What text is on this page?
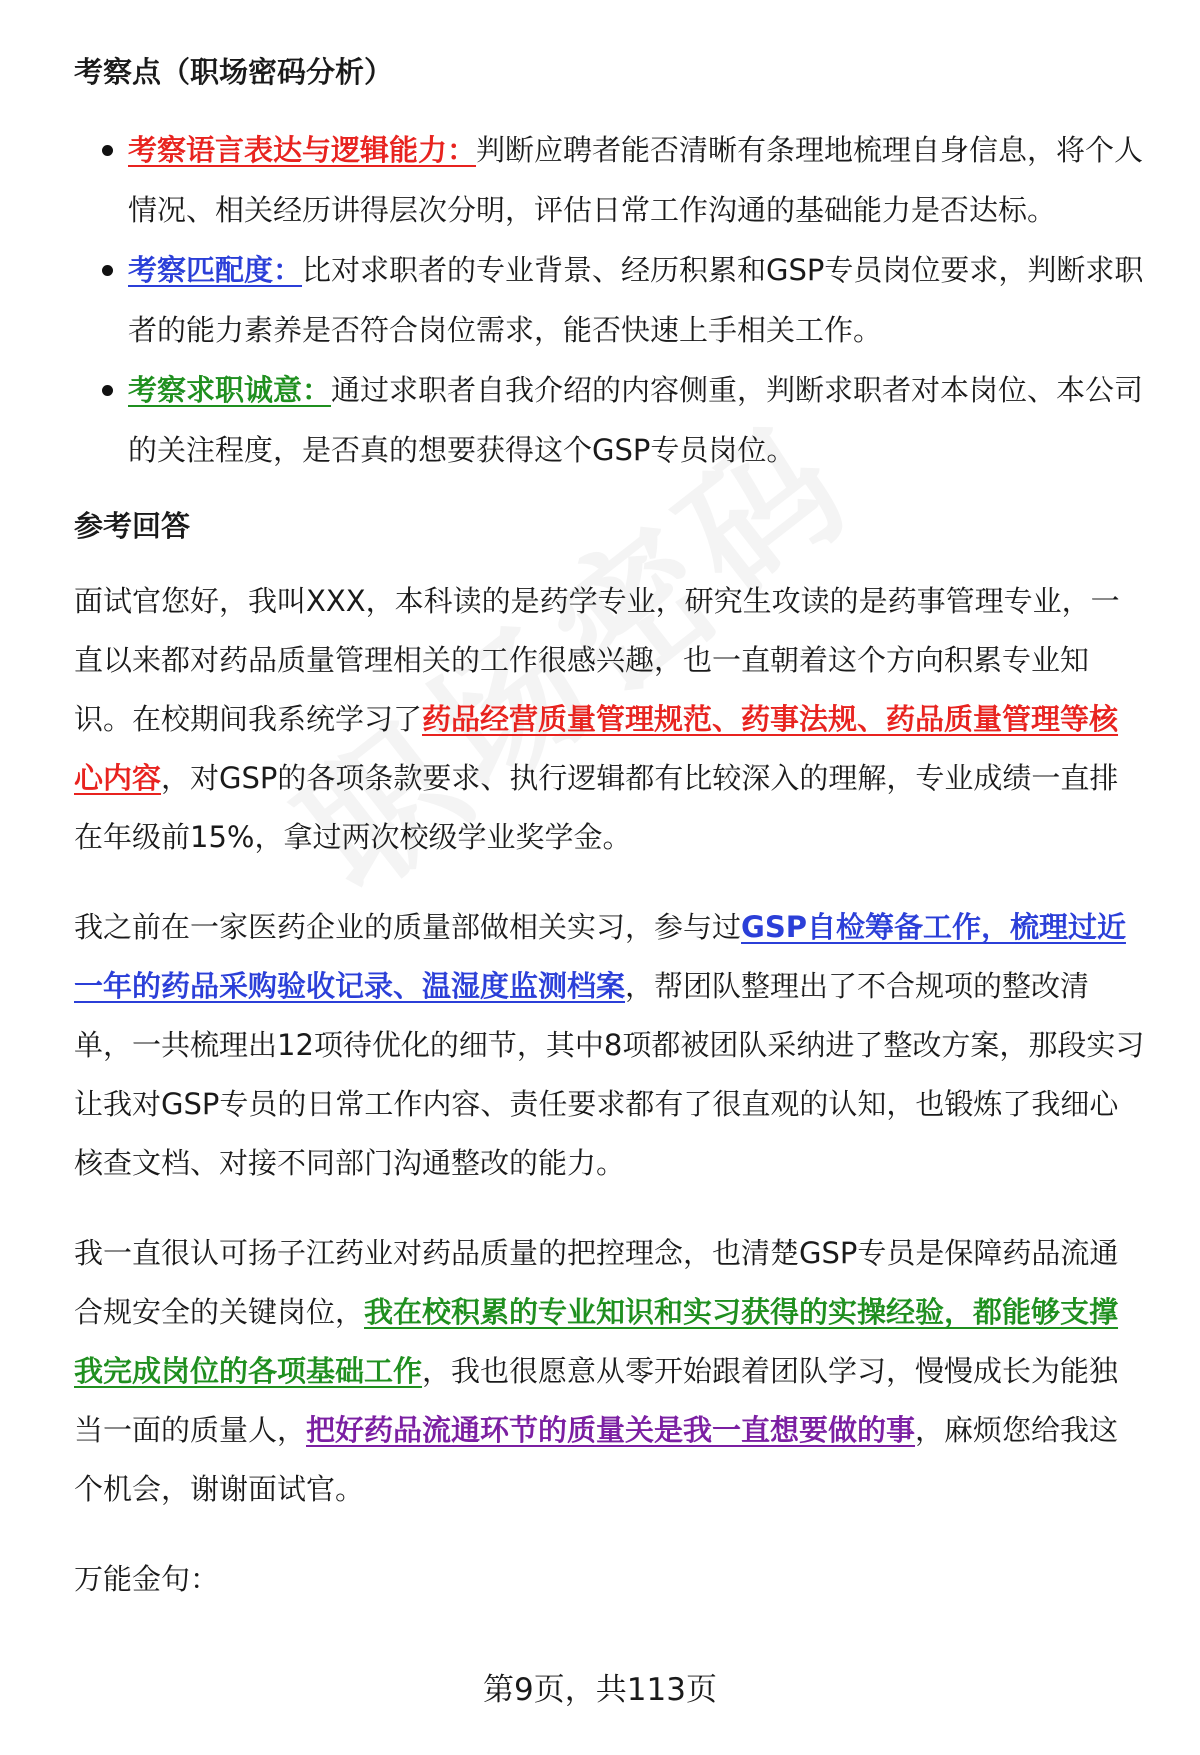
考察点（职场密码分析）
考察语言表达与逻辑能力：判断应聘者能否清晰有条理地梳理自身信息，将个人情况、相关经历讲得层次分明，评估日常工作沟通的基础能力是否达标。
考察匹配度：比对求职者的专业背景、经历积累和GSP专员岗位要求，判断求职者的能力素养是否符合岗位需求，能否快速上手相关工作。
考察求职诚意：通过求职者自我介绍的内容侧重，判断求职者对本岗位、本公司的关注程度，是否真的想要获得这个GSP专员岗位。
参考回答

面试官您好，我叫XXX，本科读的是药学专业，研究生攻读的是药事管理专业，一直以来都对药品质量管理相关的工作很感兴趣，也一直朝着这个方向积累专业知识。在校期间我系统学习了药品经营质量管理规范、药事法规、药品质量管理等核心内容，对GSP的各项条款要求、执行逻辑都有比较深入的理解，专业成绩一直排在年级前15%，拿过两次校级学业奖学金。

我之前在一家医药企业的质量部做相关实习，参与过GSP自检筹备工作，梳理过近一年的药品采购验收记录、温湿度监测档案，帮团队整理出了不合规项的整改清单，一共梳理出12项待优化的细节，其中8项都被团队采纳进了整改方案，那段实习让我对GSP专员的日常工作内容、责任要求都有了很直观的认知，也锻炼了我细心核查文档、对接不同部门沟通整改的能力。

我一直很认可扬子江药业对药品质量的把控理念，也清楚GSP专员是保障药品流通合规安全的关键岗位，我在校积累的专业知识和实习获得的实操经验，都能够支撑我完成岗位的各项基础工作，我也很愿意从零开始跟着团队学习，慢慢成长为能独当一面的质量人，把好药品流通环节的质量关是我一直想要做的事，麻烦您给我这个机会，谢谢面试官。

万能金句：

第9页，共113页
